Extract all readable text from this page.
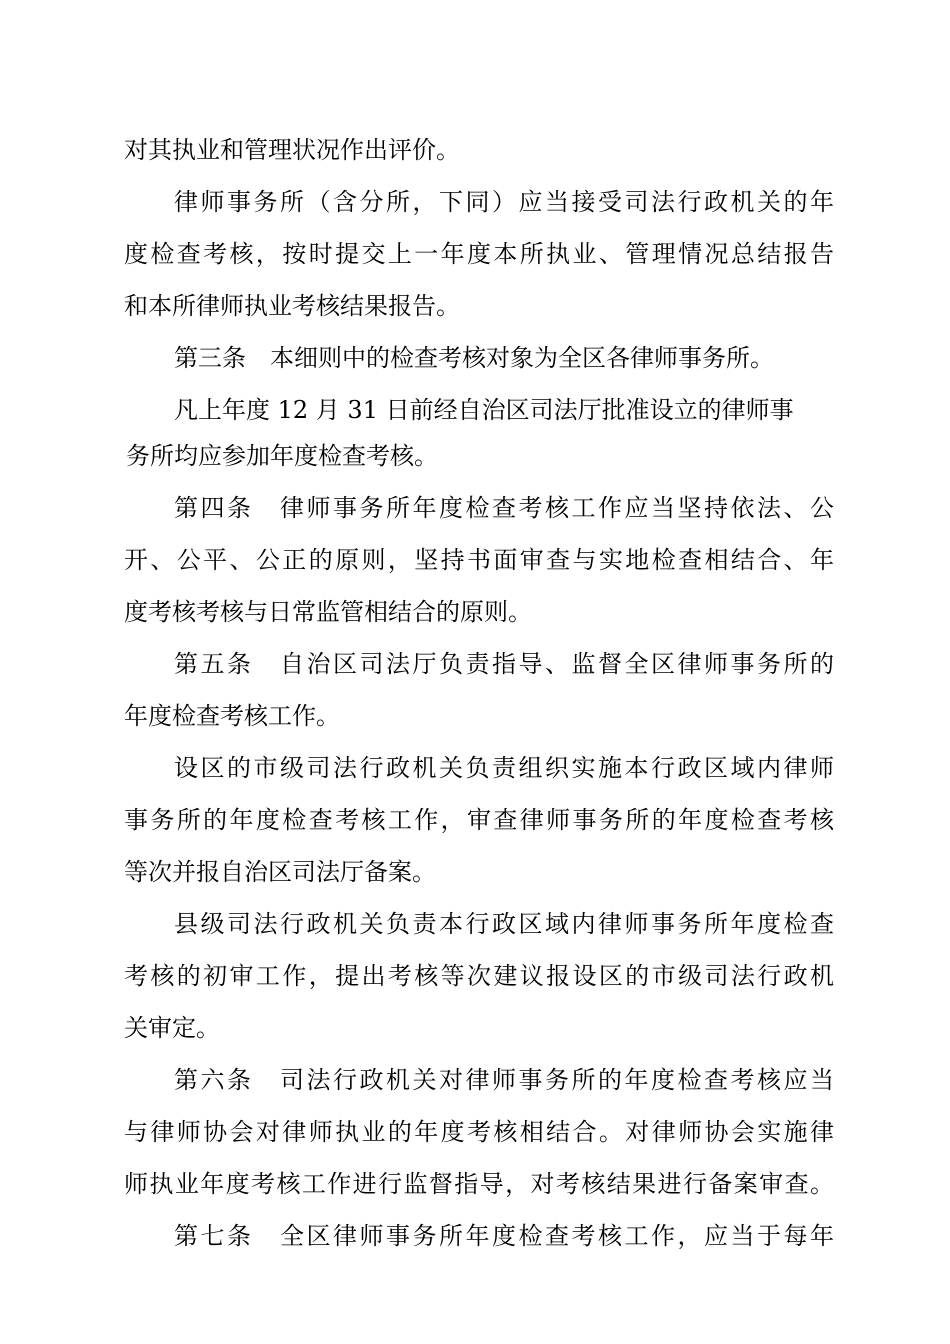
对其执业和管理状况作出评价。
律师事务所（含分所，下同）应当接受司法行政机关的年
度检查考核，按时提交上一年度本所执业、管理情况总结报告
和本所律师执业考核结果报告。
第三条　本细则中的检查考核对象为全区各律师事务所。
凡上年度 12 月 31 日前经自治区司法厅批准设立的律师事
务所均应参加年度检查考核。
第四条　律师事务所年度检查考核工作应当坚持依法、公
开、公平、公正的原则，坚持书面审查与实地检查相结合、年
度考核考核与日常监管相结合的原则。
第五条　自治区司法厅负责指导、监督全区律师事务所的
年度检查考核工作。
设区的市级司法行政机关负责组织实施本行政区域内律师
事务所的年度检查考核工作，审查律师事务所的年度检查考核
等次并报自治区司法厅备案。
县级司法行政机关负责本行政区域内律师事务所年度检查
考核的初审工作，提出考核等次建议报设区的市级司法行政机
关审定。
第六条　司法行政机关对律师事务所的年度检查考核应当
与律师协会对律师执业的年度考核相结合。对律师协会实施律
师执业年度考核工作进行监督指导，对考核结果进行备案审查。
第七条　全区律师事务所年度检查考核工作，应当于每年
